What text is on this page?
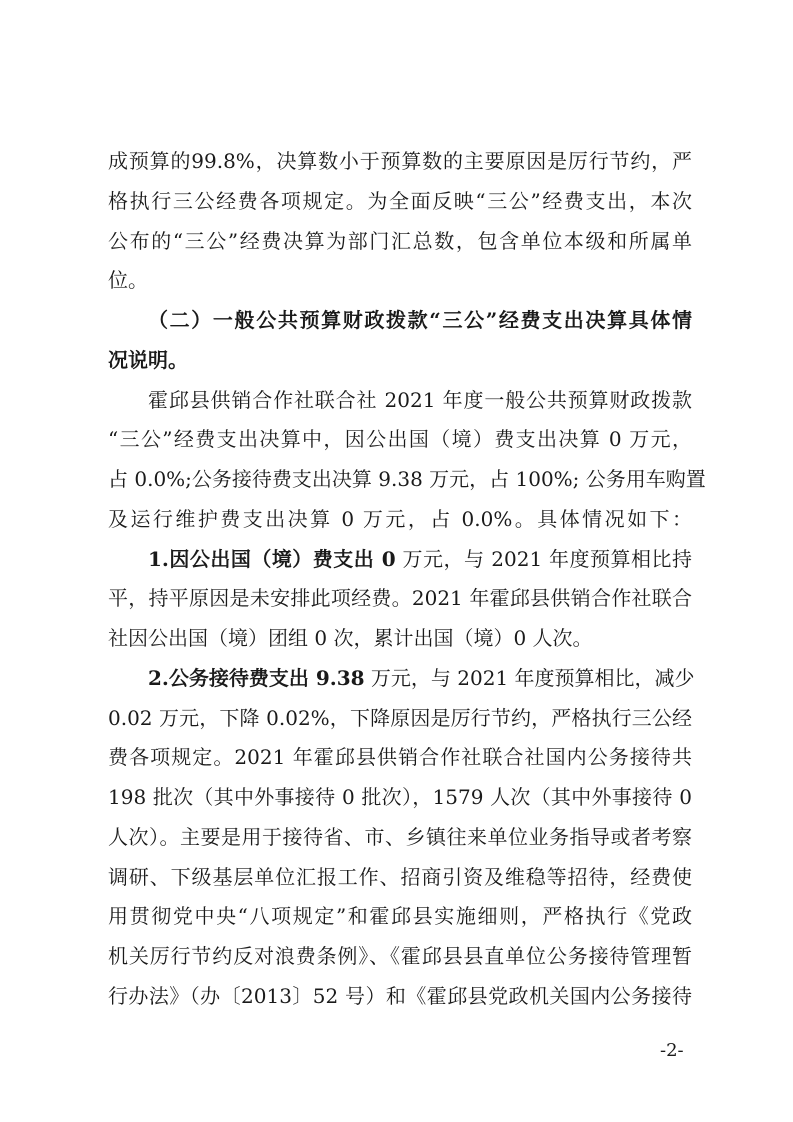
成预算的99.8%，决算数小于预算数的主要原因是厉行节约，严
格执行三公经费各项规定。为全面反映“三公”经费支出，本次
公布的“三公”经费决算为部门汇总数，包含单位本级和所属单
位。
（二）一般公共预算财政拨款“三公”经费支出决算具体情
况说明。
霍邱县供销合作社联合社 2021 年度一般公共预算财政拨款
“三公”经费支出决算中，因公出国（境）费支出决算 0 万元，
占 0.0%;公务接待费支出决算 9.38 万元，占 100%; 公务用车购置
及运行维护费支出决算 0 万元，占 0.0%。具体情况如下：
1.因公出国（境）费支出 0 万元，与 2021 年度预算相比持
平，持平原因是未安排此项经费。2021 年霍邱县供销合作社联合
社因公出国（境）团组 0 次，累计出国（境）0 人次。
2.公务接待费支出 9.38 万元，与 2021 年度预算相比，减少
0.02 万元，下降 0.02%，下降原因是厉行节约，严格执行三公经
费各项规定。2021 年霍邱县供销合作社联合社国内公务接待共
198 批次（其中外事接待 0 批次），1579 人次（其中外事接待 0
人次）。主要是用于接待省、市、乡镇往来单位业务指导或者考察
调研、下级基层单位汇报工作、招商引资及维稳等招待，经费使
用贯彻党中央“八项规定”和霍邱县实施细则，严格执行《党政
机关厉行节约反对浪费条例》、《霍邱县县直单位公务接待管理暂
行办法》（办〔2013〕52 号）和《霍邱县党政机关国内公务接待
-2-
